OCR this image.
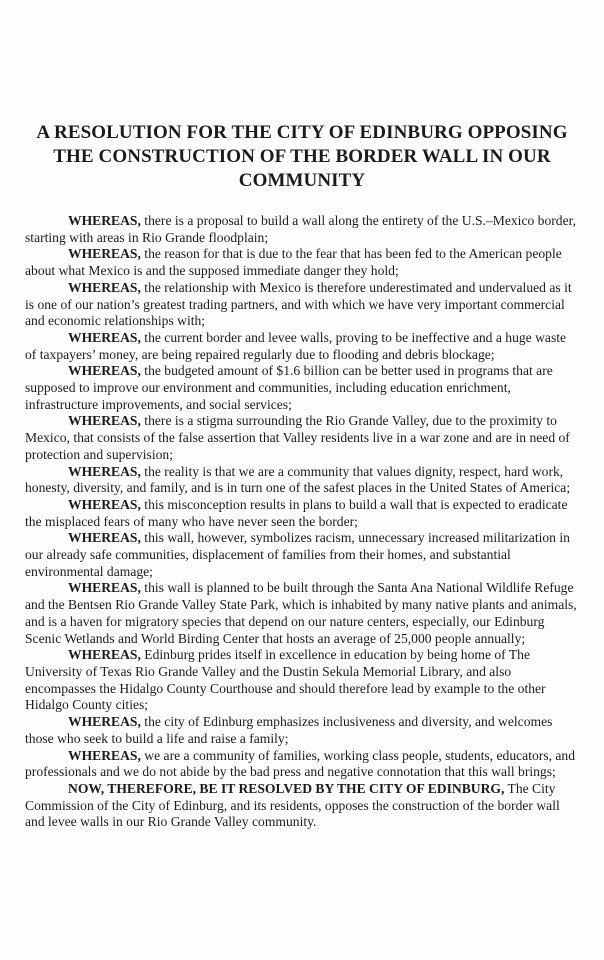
A RESOLUTION FOR THE CITY OF EDINBURG OPPOSING THE CONSTRUCTION OF THE BORDER WALL IN OUR COMMUNITY

WHEREAS, there is a proposal to build a wall along the entirety of the U.S.–Mexico border, starting with areas in Rio Grande floodplain;

WHEREAS, the reason for that is due to the fear that has been fed to the American people about what Mexico is and the supposed immediate danger they hold;

WHEREAS, the relationship with Mexico is therefore underestimated and undervalued as it is one of our nation’s greatest trading partners, and with which we have very important commercial and economic relationships with;

WHEREAS, the current border and levee walls, proving to be ineffective and a huge waste of taxpayers’ money, are being repaired regularly due to flooding and debris blockage;

WHEREAS, the budgeted amount of $1.6 billion can be better used in programs that are supposed to improve our environment and communities, including education enrichment, infrastructure improvements, and social services;

WHEREAS, there is a stigma surrounding the Rio Grande Valley, due to the proximity to Mexico, that consists of the false assertion that Valley residents live in a war zone and are in need of protection and supervision;

WHEREAS, the reality is that we are a community that values dignity, respect, hard work, honesty, diversity, and family, and is in turn one of the safest places in the United States of America;

WHEREAS, this misconception results in plans to build a wall that is expected to eradicate the misplaced fears of many who have never seen the border;

WHEREAS, this wall, however, symbolizes racism, unnecessary increased militarization in our already safe communities, displacement of families from their homes, and substantial environmental damage;

WHEREAS, this wall is planned to be built through the Santa Ana National Wildlife Refuge and the Bentsen Rio Grande Valley State Park, which is inhabited by many native plants and animals, and is a haven for migratory species that depend on our nature centers, especially, our Edinburg Scenic Wetlands and World Birding Center that hosts an average of 25,000 people annually;

WHEREAS, Edinburg prides itself in excellence in education by being home of The University of Texas Rio Grande Valley and the Dustin Sekula Memorial Library, and also encompasses the Hidalgo County Courthouse and should therefore lead by example to the other Hidalgo County cities;

WHEREAS, the city of Edinburg emphasizes inclusiveness and diversity, and welcomes those who seek to build a life and raise a family;

WHEREAS, we are a community of families, working class people, students, educators, and professionals and we do not abide by the bad press and negative connotation that this wall brings;

NOW, THEREFORE, BE IT RESOLVED BY THE CITY OF EDINBURG, The City Commission of the City of Edinburg, and its residents, opposes the construction of the border wall and levee walls in our Rio Grande Valley community.
